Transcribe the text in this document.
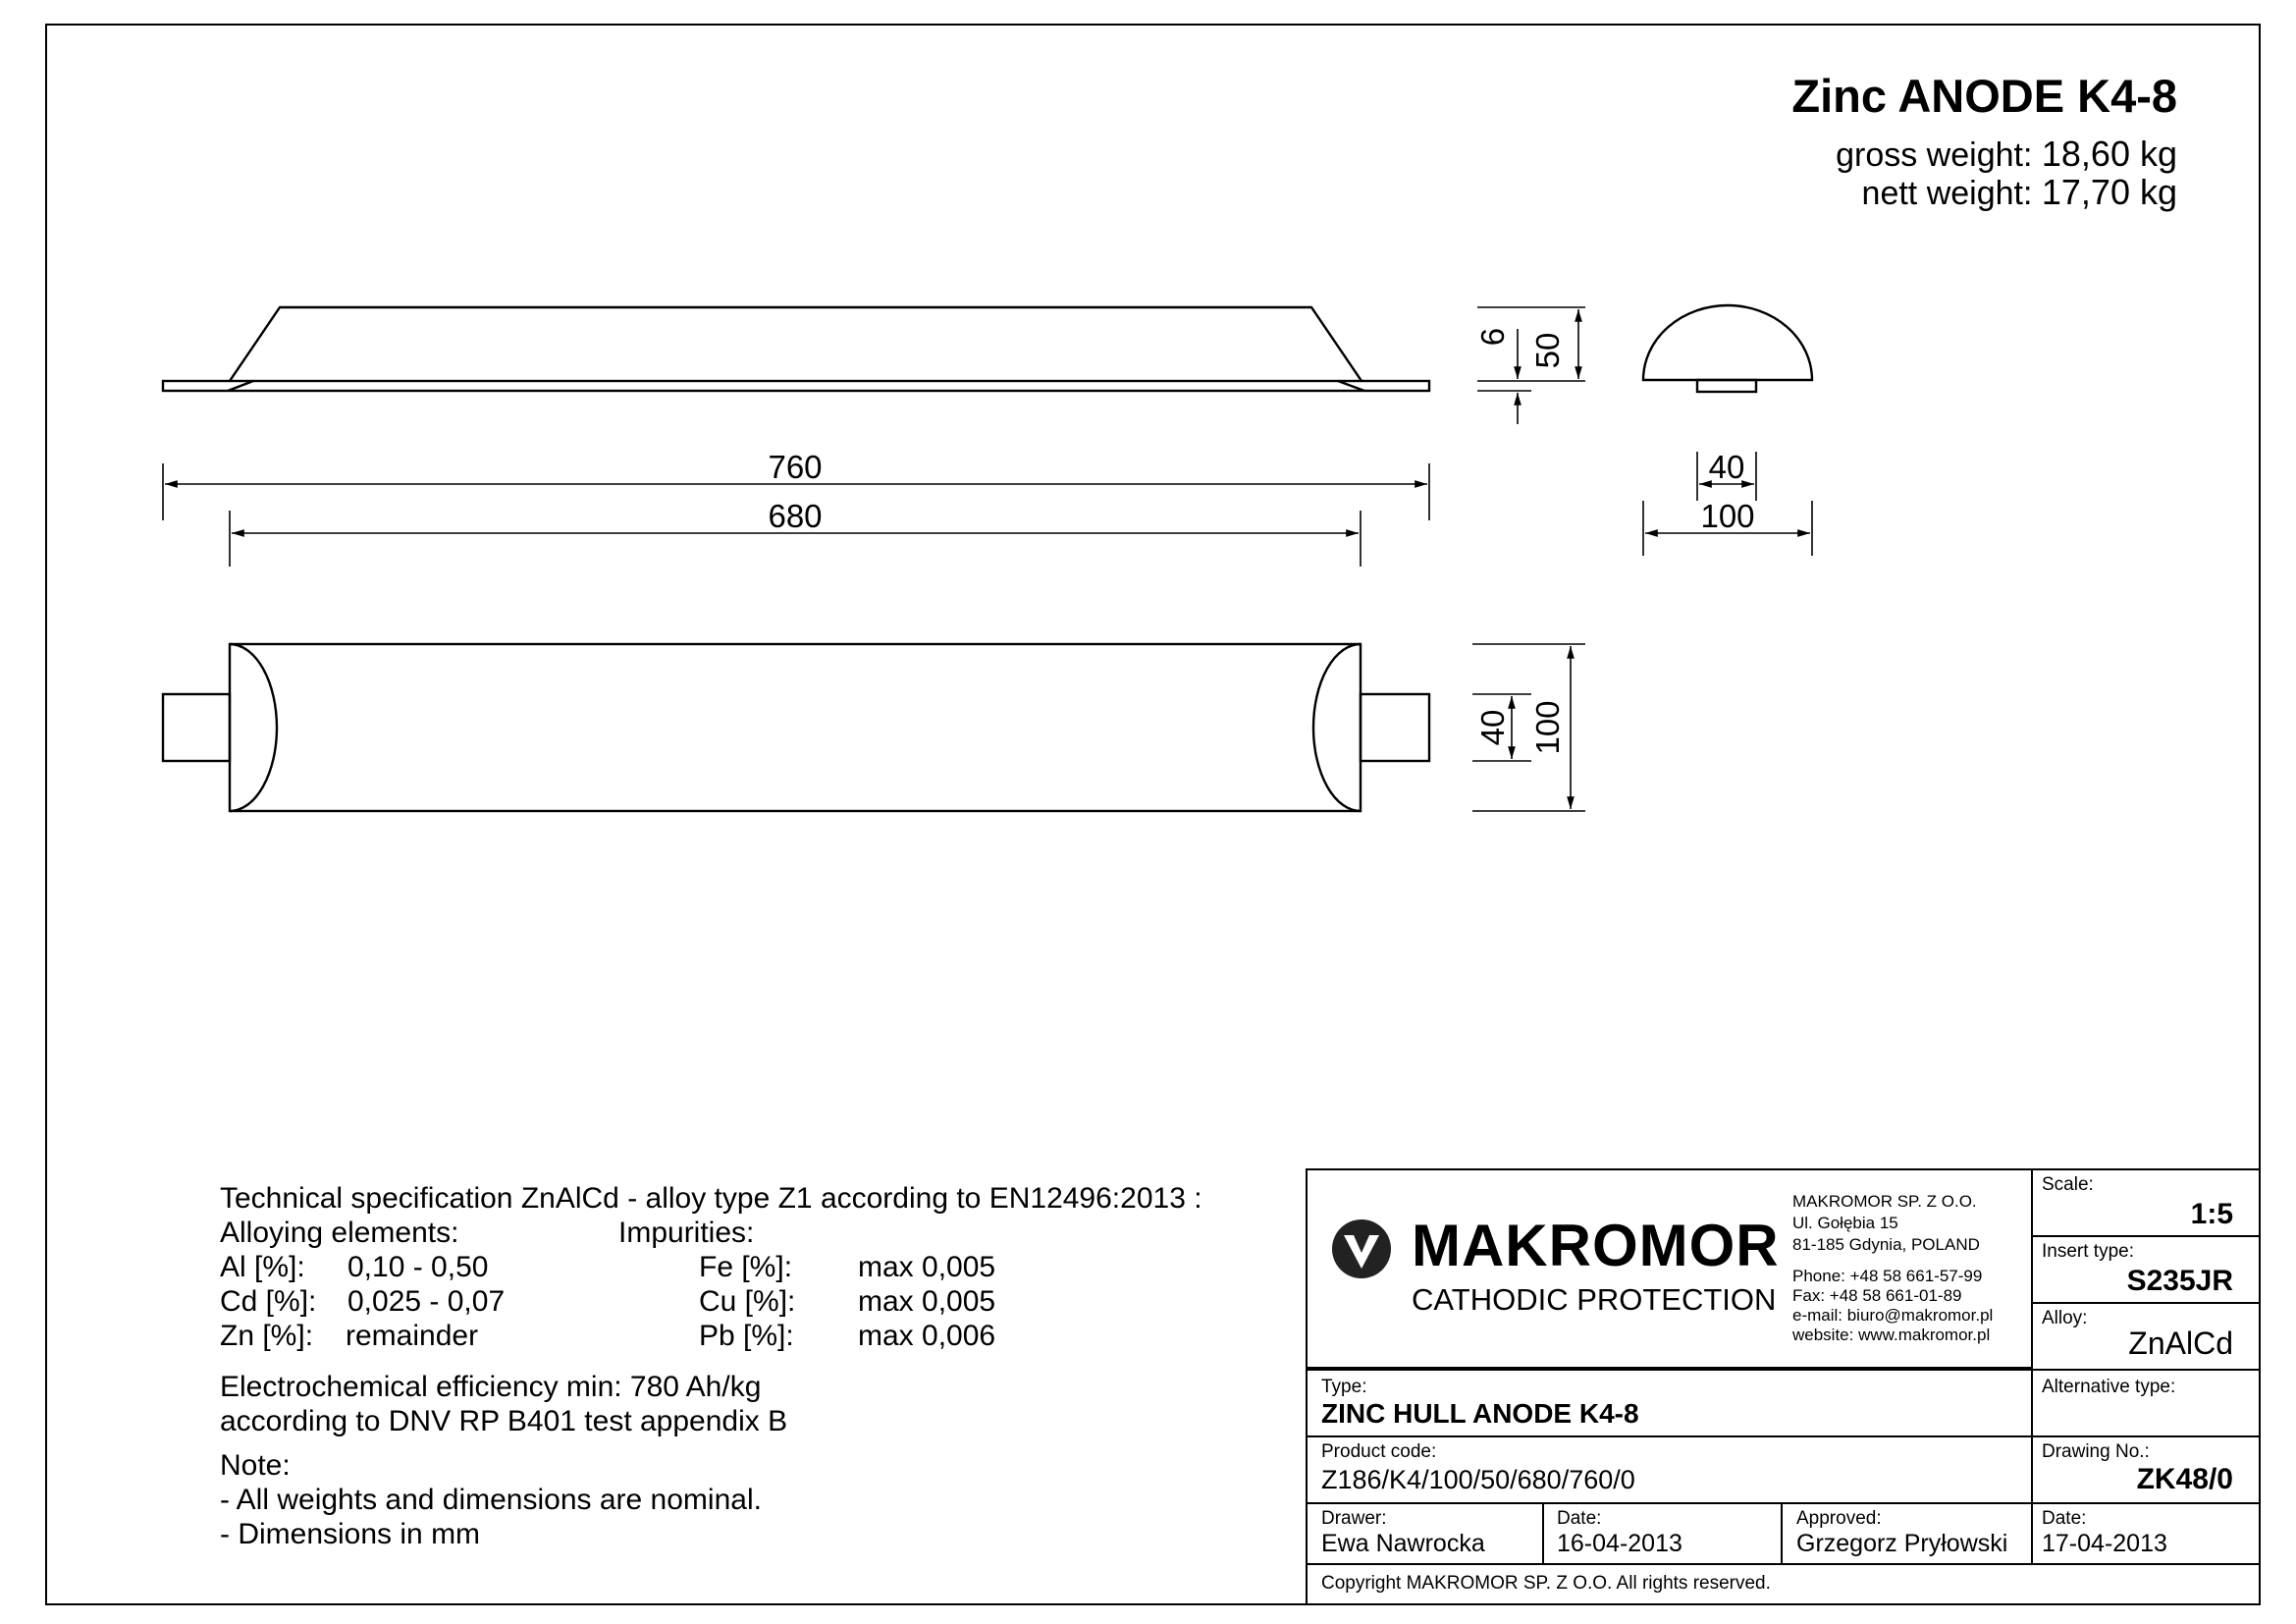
Zinc ANODE K4-8
gross weight: 18,60 kg
nett weight: 17,70 kg
760
680
6 50
40
100
40 100
Technical specification ZnAlCd - alloy type Z1 according to EN12496:2013 :
Alloying elements:	Impurities:
Al [%]: 0,10 - 0,50
Cd [%]: 0,025 - 0,07
Zn [%]: remainder
Fe [%]: max 0,005
Cu [%]: max 0,005
Pb [%]: max 0,006
Electrochemical efficiency min: 780 Ah/kg
according to DNV RP B401 test appendix B
Note:
- All weights and dimensions are nominal.
- Dimensions in mm
MAKROMOR
CATHODIC PROTECTION
MAKROMOR SP. Z O.O.
Ul. Gołębia 15
81-185 Gdynia, POLAND
Phone: +48 58 661-57-99
Fax: +48 58 661-01-89
e-mail: biuro@makromor.pl
website: www.makromor.pl
Scale:
1:5
Insert type:
S235JR
Alloy:
ZnAlCd
Alternative type:
Type:
ZINC HULL ANODE K4-8
Product code:
Z186/K4/100/50/680/760/0
Drawing No.:
ZK48/0
Drawer:
Ewa Nawrocka
Date:
16-04-2013
Approved:
Grzegorz Pryłowski
Date:
17-04-2013
Copyright MAKROMOR SP. Z O.O. All rights reserved.
